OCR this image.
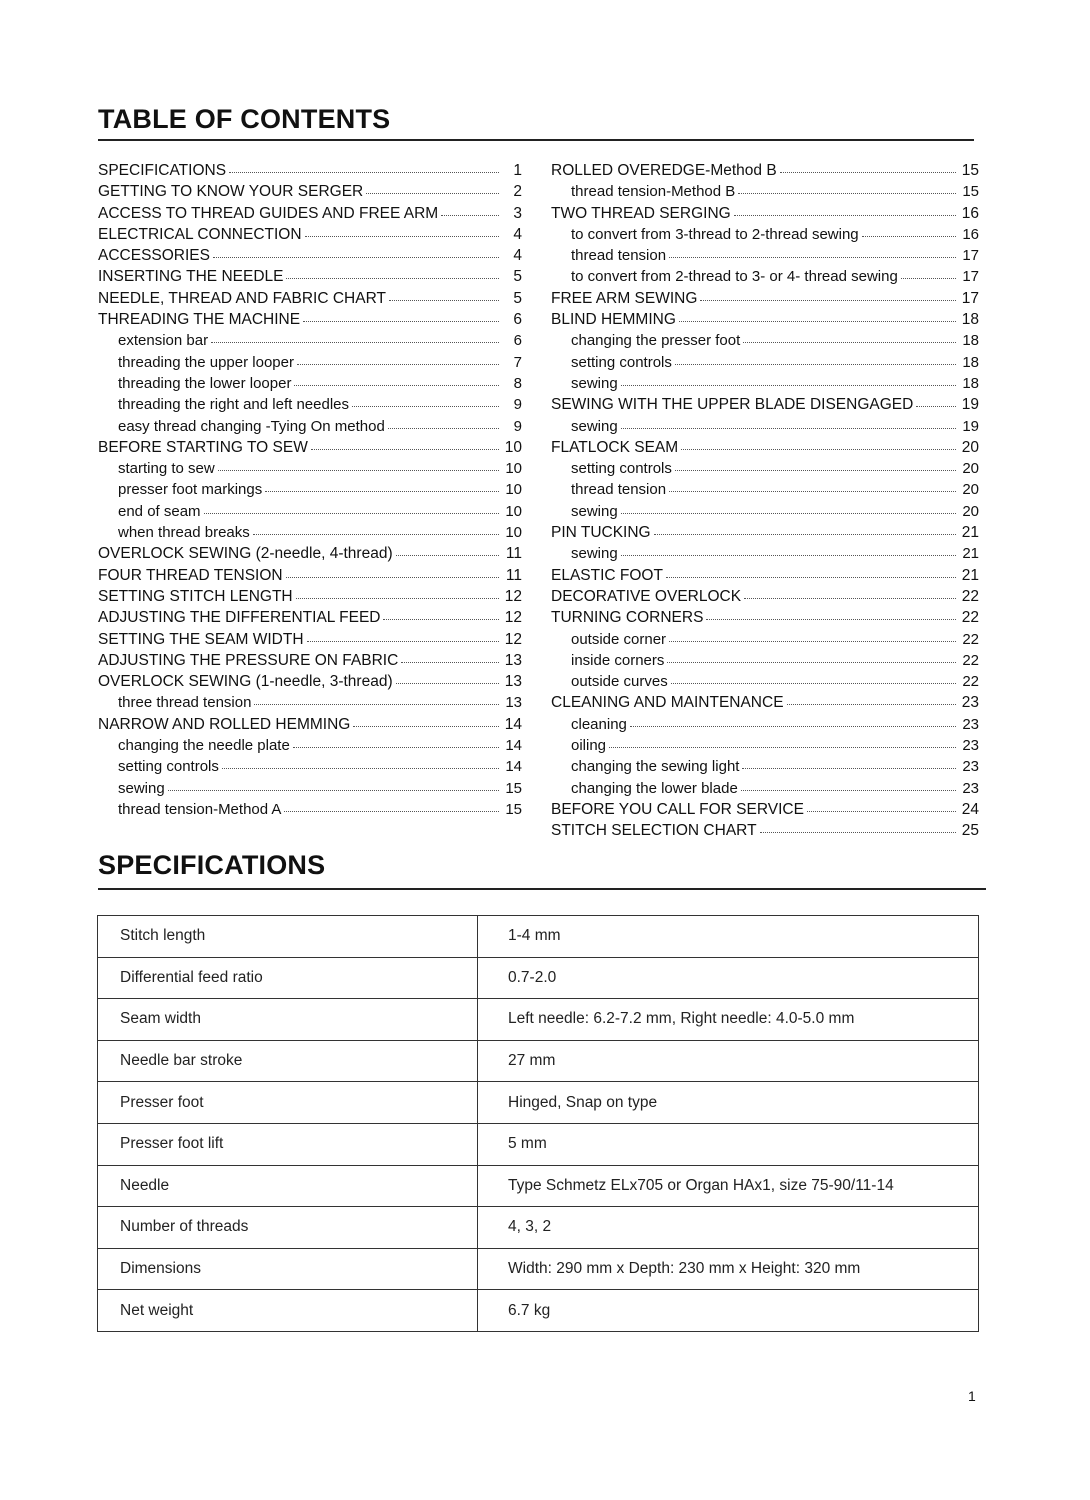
TABLE OF CONTENTS
SPECIFICATIONS	1
GETTING TO KNOW YOUR SERGER	2
ACCESS TO THREAD GUIDES AND FREE ARM	3
ELECTRICAL CONNECTION	4
ACCESSORIES	4
INSERTING THE NEEDLE	5
NEEDLE, THREAD AND FABRIC CHART	5
THREADING THE MACHINE	6
extension bar	6
threading the upper looper	7
threading the lower looper	8
threading the right and left needles	9
easy thread changing -Tying On method	9
BEFORE STARTING TO SEW	10
starting to sew	10
presser foot markings	10
end of seam	10
when thread breaks	10
OVERLOCK SEWING (2-needle, 4-thread)	11
FOUR THREAD TENSION	11
SETTING STITCH LENGTH	12
ADJUSTING THE DIFFERENTIAL FEED	12
SETTING THE SEAM WIDTH	12
ADJUSTING THE PRESSURE ON FABRIC	13
OVERLOCK SEWING (1-needle, 3-thread)	13
three thread tension	13
NARROW AND ROLLED HEMMING	14
changing the needle plate	14
setting controls	14
sewing	15
thread tension-Method A	15
ROLLED OVEREDGE-Method B	15
thread tension-Method B	15
TWO THREAD SERGING	16
to convert from 3-thread to 2-thread sewing	16
thread tension	17
to convert from 2-thread to 3- or 4- thread sewing	17
FREE ARM SEWING	17
BLIND HEMMING	18
changing the presser foot	18
setting controls	18
sewing	18
SEWING WITH THE UPPER BLADE DISENGAGED	19
sewing	19
FLATLOCK SEAM	20
setting controls	20
thread tension	20
sewing	20
PIN TUCKING	21
sewing	21
ELASTIC FOOT	21
DECORATIVE OVERLOCK	22
TURNING CORNERS	22
outside corner	22
inside corners	22
outside curves	22
CLEANING AND MAINTENANCE	23
cleaning	23
oiling	23
changing the sewing light	23
changing the lower blade	23
BEFORE YOU CALL FOR SERVICE	24
STITCH SELECTION CHART	25
SPECIFICATIONS
Stitch length	1-4 mm
Differential feed ratio	0.7-2.0
Seam width	Left needle: 6.2-7.2 mm, Right needle: 4.0-5.0 mm
Needle bar stroke	27 mm
Presser foot	Hinged, Snap on type
Presser foot lift	5 mm
Needle	Type Schmetz ELx705 or Organ HAx1, size 75-90/11-14
Number of threads	4, 3, 2
Dimensions	Width: 290 mm x Depth: 230 mm x Height: 320 mm
Net weight	6.7 kg
1
